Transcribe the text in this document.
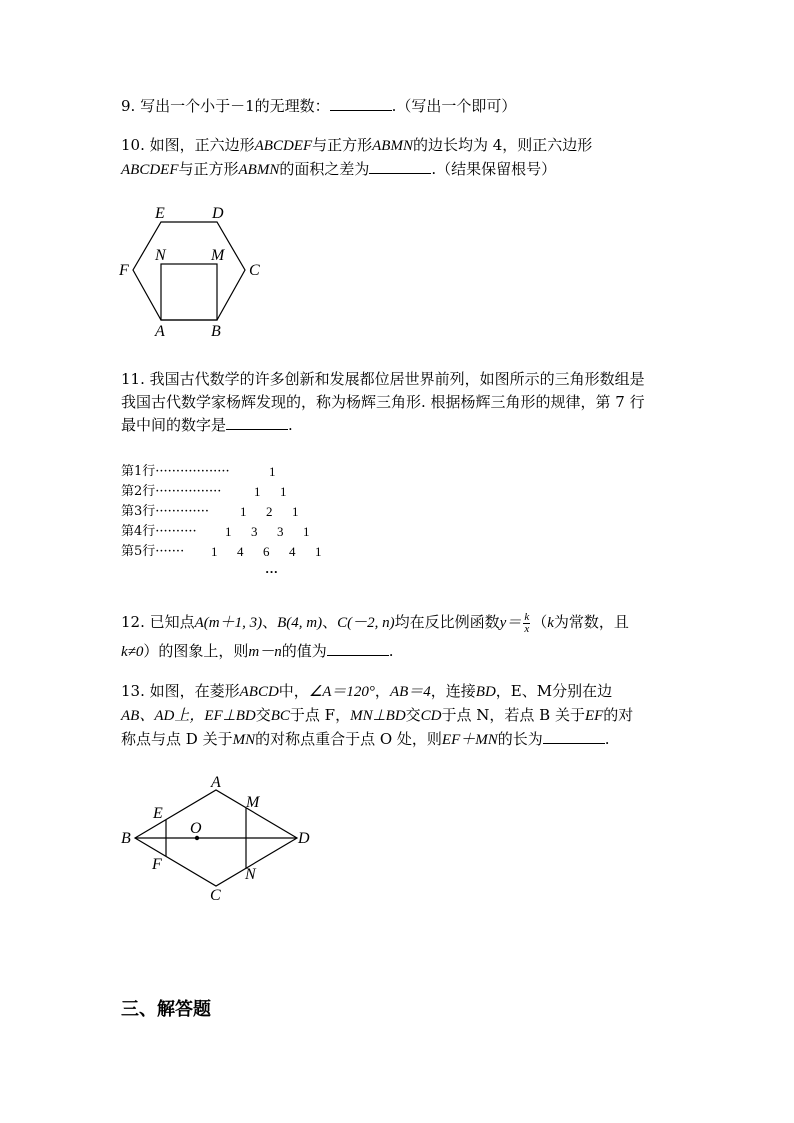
9. 写出一个小于－1的无理数：	.（写出一个即可）
10. 如图，正六边形ABCDEF与正方形ABMN的边长均为 4，则正六边形
ABCDEF与正方形ABMN的面积之差为	.（结果保留根号）
E	D
N	M
F	C
A	B
11. 我国古代数学的许多创新和发展都位居世界前列，如图所示的三角形数组是
我国古代数学家杨辉发现的，称为杨辉三角形. 根据杨辉三角形的规律，第 7 行
最中间的数字是	.
第1行··················	1
第2行················	1      1
第3行············· 1      2      1
第4行·········· 1      3      3      1
第5行······· 1      4      6      4      1
···
12. 已知点A(m＋1, 3)、B(4, m)、C(－2, n)均在反比例函数$y= \frac{k}{x} (k$为常数，且
k≠0）的图象上，则m－n的值为	.
13. 如图，在菱形ABCD中，∠A＝120°，AB＝4，连接BD，E、M分别在边
AB、AD上，EF⊥BD交BC于点 F，MN⊥BD交CD于点 N，若点 B 关于EF的对
称点与点 D 关于MN的对称点重合于点 O 处，则EF＋MN的长为	.
A
M
E
B
O
D
F
N
C
三、解答题
